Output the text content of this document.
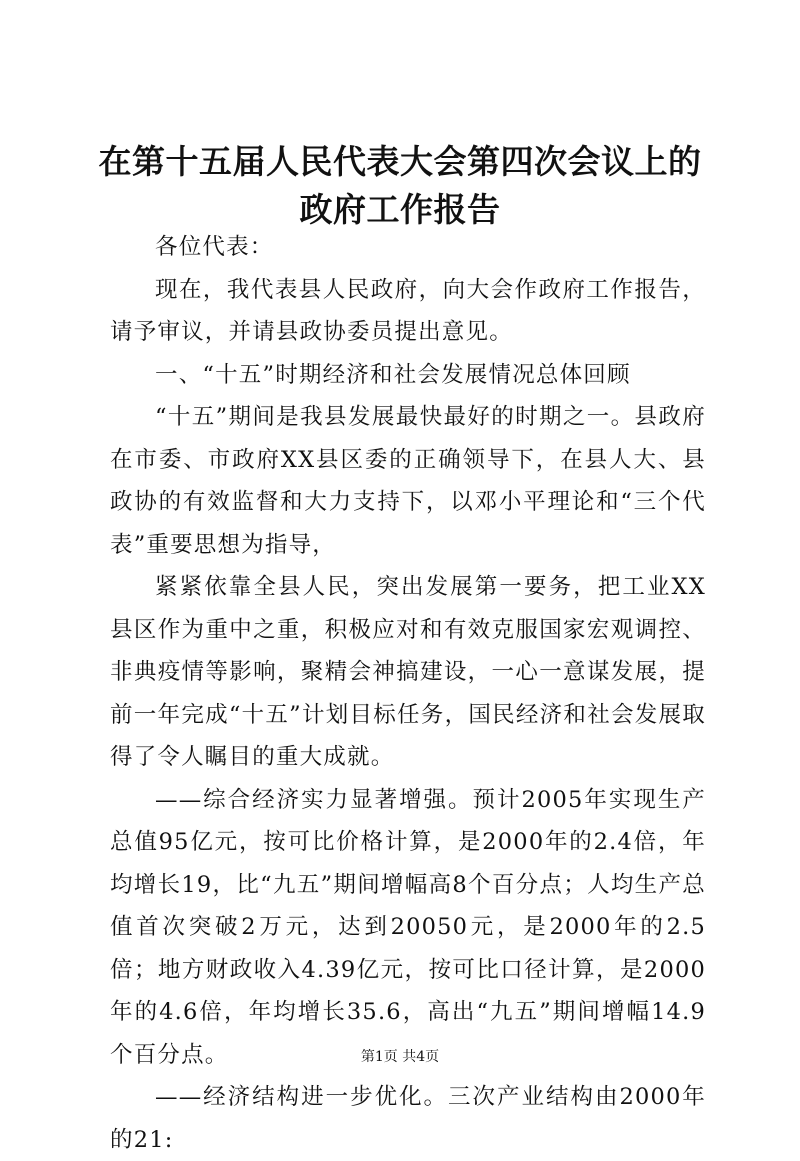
在第十五届人民代表大会第四次会议上的政府工作报告

各位代表：

现在，我代表县人民政府，向大会作政府工作报告，请予审议，并请县政协委员提出意见。

一、“十五”时期经济和社会发展情况总体回顾

“十五”期间是我县发展最快最好的时期之一。县政府在市委、市政府XX县区委的正确领导下，在县人大、县政协的有效监督和大力支持下，以邓小平理论和“三个代表”重要思想为指导，

紧紧依靠全县人民，突出发展第一要务，把工业XX县区作为重中之重，积极应对和有效克服国家宏观调控、非典疫情等影响，聚精会神搞建设，一心一意谋发展，提前一年完成“十五”计划目标任务，国民经济和社会发展取得了令人瞩目的重大成就。

——综合经济实力显著增强。预计2005年实现生产总值95亿元，按可比价格计算，是2000年的2.4倍，年均增长19，比“九五”期间增幅高8个百分点；人均生产总值首次突破2万元，达到20050元，是2000年的2.5倍；地方财政收入4.39亿元，按可比口径计算，是2000年的4.6倍，年均增长35.6，高出“九五”期间增幅14.9个百分点。

——经济结构进一步优化。三次产业结构由2000年的21:

第1页 共4页
